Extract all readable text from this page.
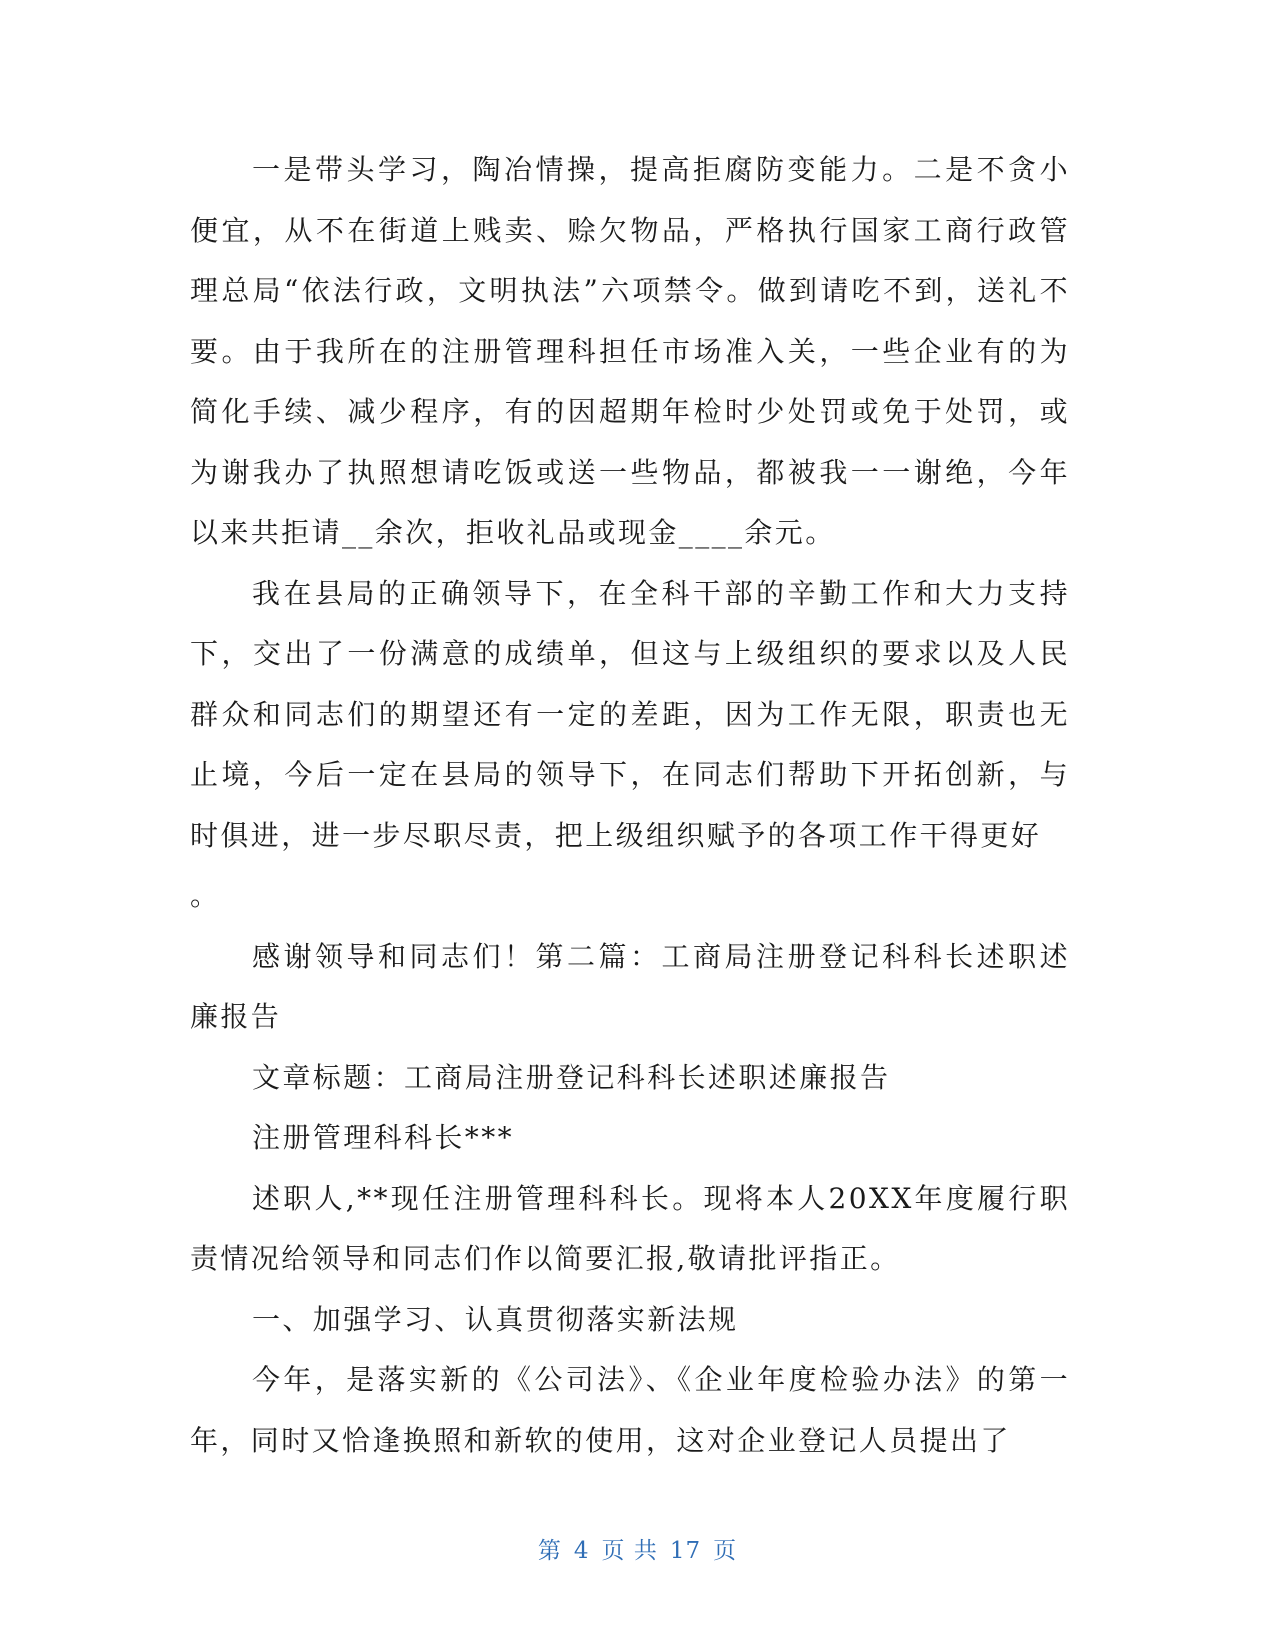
一是带头学习，陶冶情操，提高拒腐防变能力。二是不贪小便宜，从不在街道上贱卖、赊欠物品，严格执行国家工商行政管理总局“依法行政，文明执法”六项禁令。做到请吃不到，送礼不要。由于我所在的注册管理科担任市场准入关，一些企业有的为简化手续、减少程序，有的因超期年检时少处罚或免于处罚，或为谢我办了执照想请吃饭或送一些物品，都被我一一谢绝，今年以来共拒请__余次，拒收礼品或现金____余元。

我在县局的正确领导下，在全科干部的辛勤工作和大力支持下，交出了一份满意的成绩单，但这与上级组织的要求以及人民群众和同志们的期望还有一定的差距，因为工作无限，职责也无止境，今后一定在县局的领导下，在同志们帮助下开拓创新，与时俱进，进一步尽职尽责，把上级组织赋予的各项工作干得更好

。

感谢领导和同志们！第二篇：工商局注册登记科科长述职述廉报告

文章标题：工商局注册登记科科长述职述廉报告

注册管理科科长***

述职人,**现任注册管理科科长。现将本人20XX年度履行职责情况给领导和同志们作以简要汇报,敬请批评指正。

一、加强学习、认真贯彻落实新法规

今年，是落实新的《公司法》、《企业年度检验办法》的第一年，同时又恰逢换照和新软的使用，这对企业登记人员提出了

第 4 页 共 17 页
